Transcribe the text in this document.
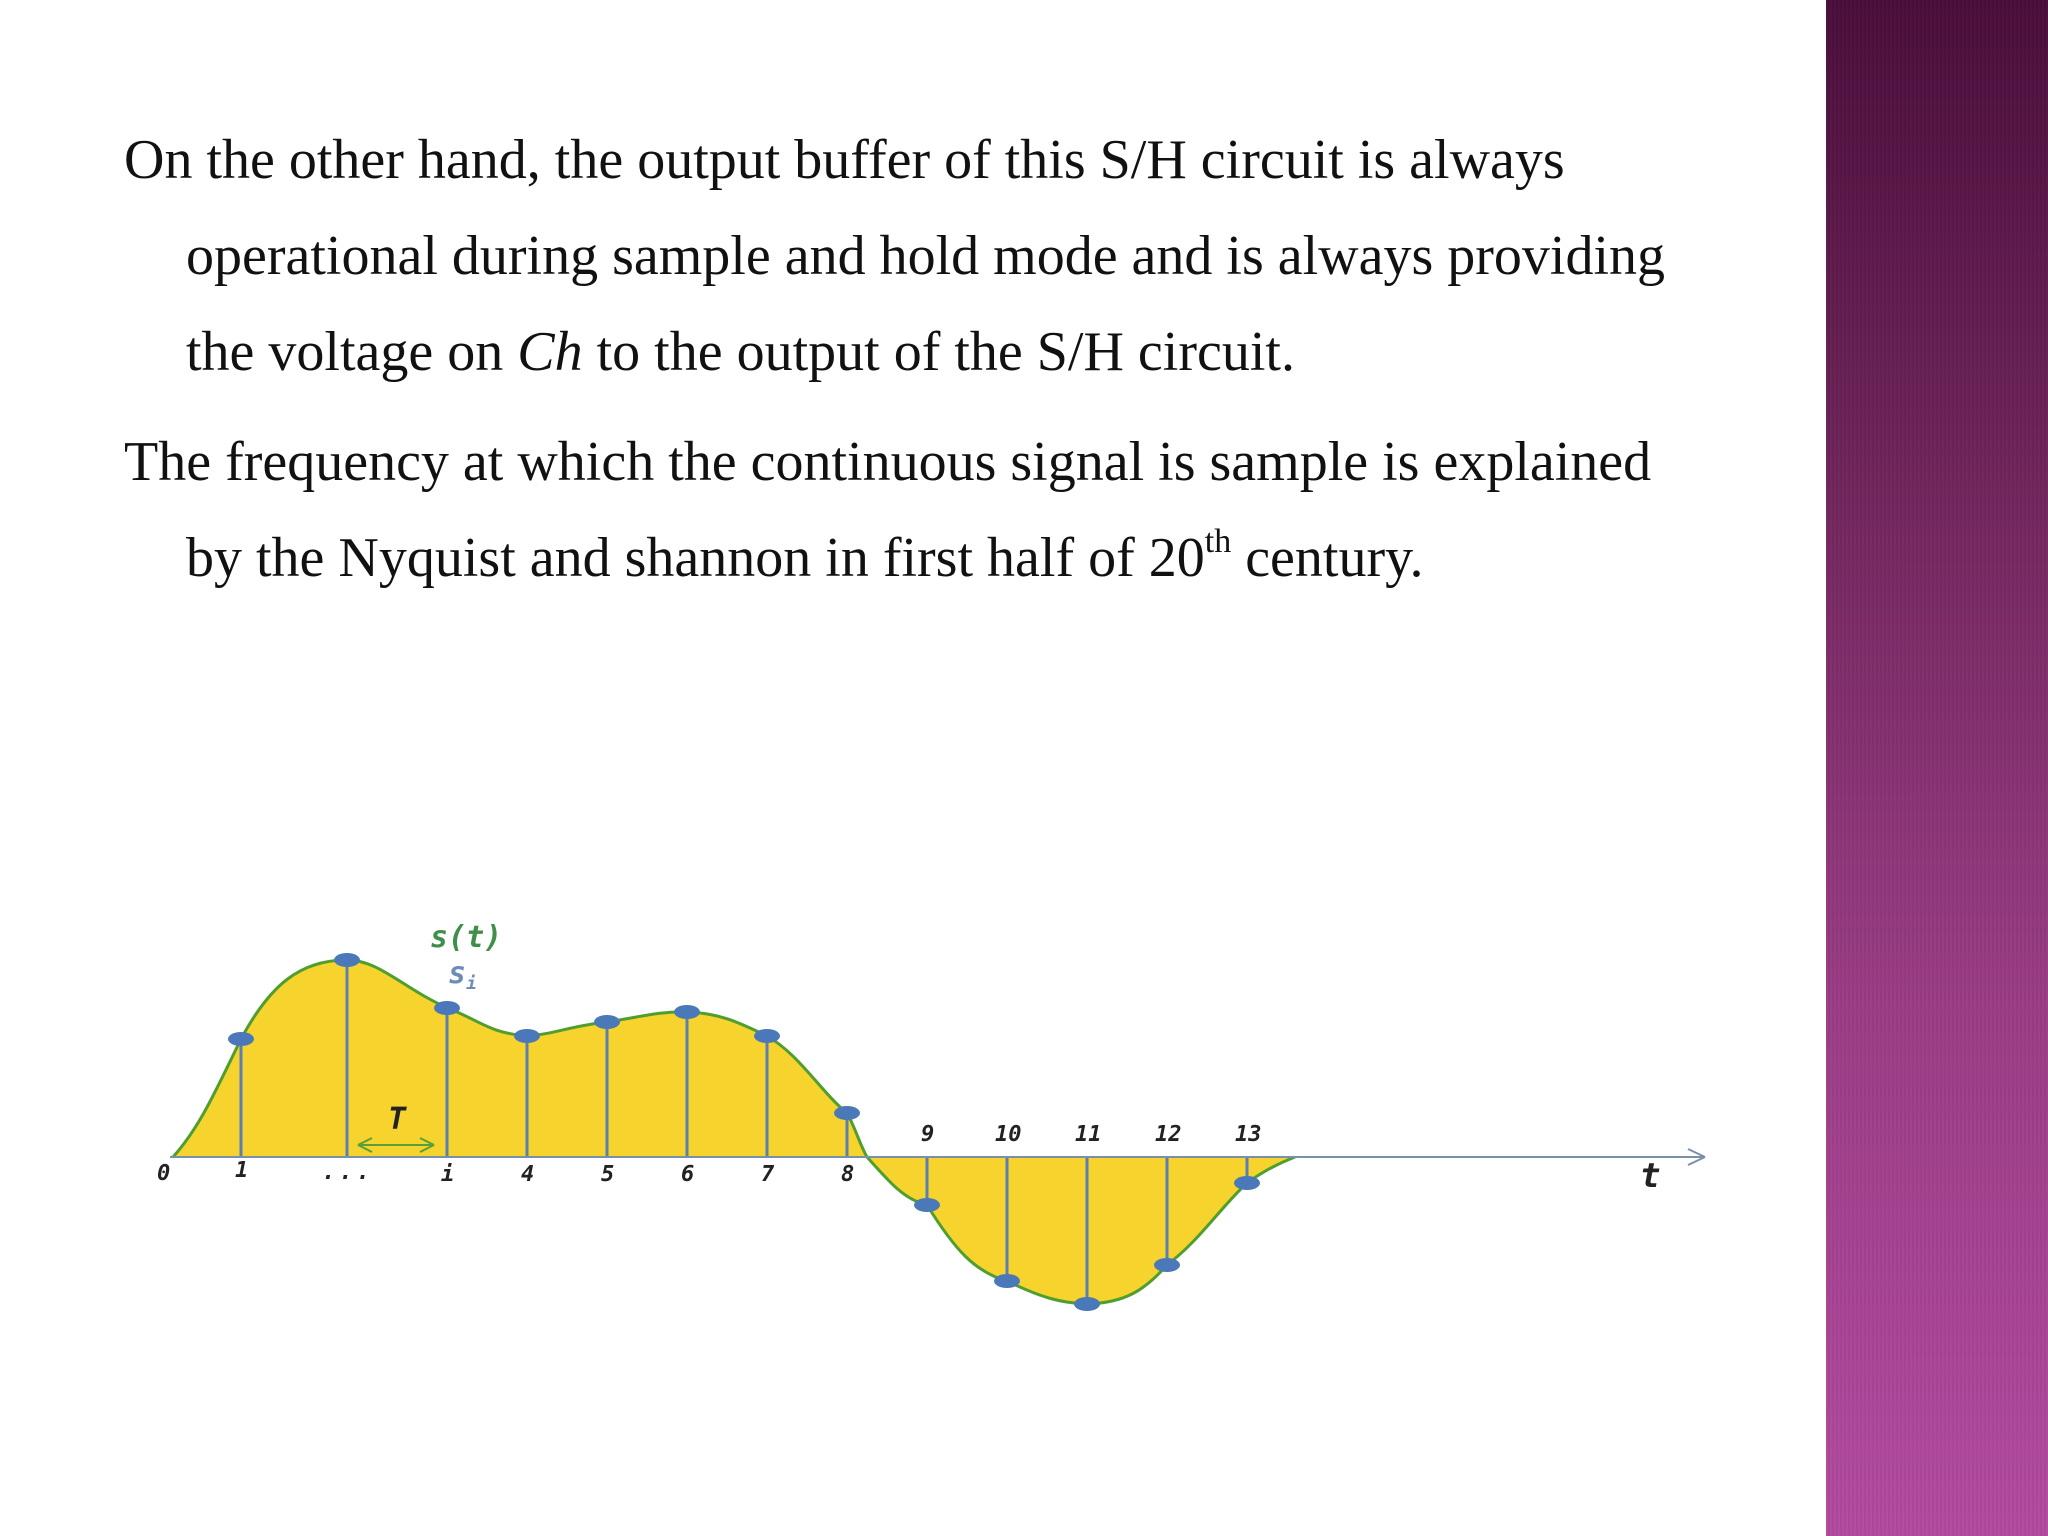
On the other hand, the output buffer of this S/H circuit is always
operational during sample and hold mode and is always providing
the voltage on Ch to the output of the S/H circuit.

The frequency at which the continuous signal is sample is explained
by the Nyquist and shannon in first half of 20th century.

1	i	4	5	6	7	8
9	10 11 12 13
0	...	t
T
s(t)
$s_i$
